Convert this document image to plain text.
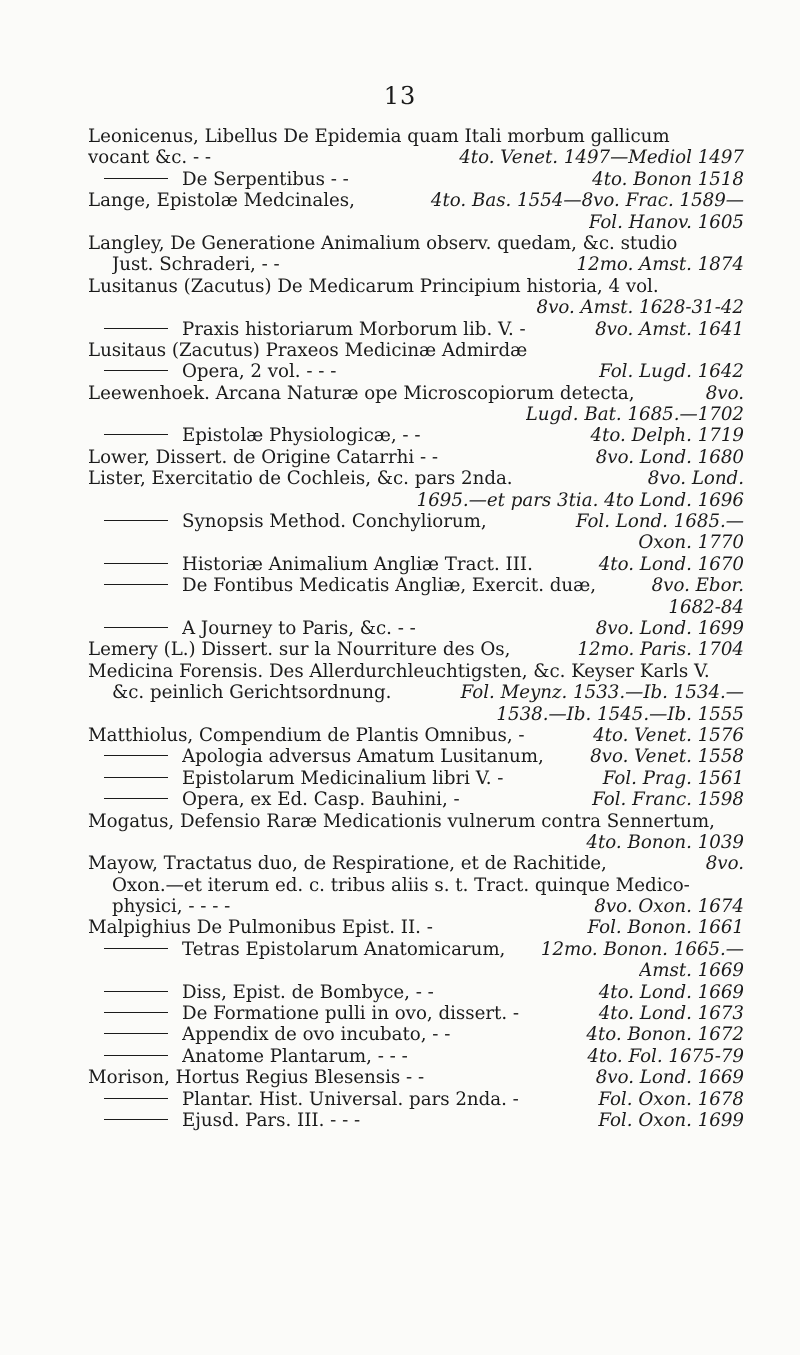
13
Leonicenus, Libellus De Epidemia quam Itali morbum gallicum
vocant &c. - -	4to. Venet. 1497—Mediol 1497
De Serpentibus - -	4to. Bonon 1518
Lange, Epistolæ Medcinales,	4to. Bas. 1554—8vo. Frac. 1589—
Fol. Hanov. 1605
Langley, De Generatione Animalium observ. quedam, &c. studio
Just. Schraderi, - -	12mo. Amst. 1874
Lusitanus (Zacutus) De Medicarum Principium historia, 4 vol.
8vo. Amst. 1628-31-42
Praxis historiarum Morborum lib. V. -	8vo. Amst. 1641
Lusitaus (Zacutus) Praxeos Medicinæ Admirdæ
Opera, 2 vol. - - -	Fol. Lugd. 1642
Leewenhoek. Arcana Naturæ ope Microscopiorum detecta,	8vo.
Lugd. Bat. 1685.—1702
Epistolæ Physiologicæ, - -	4to. Delph. 1719
Lower, Dissert. de Origine Catarrhi - -	8vo. Lond. 1680
Lister, Exercitatio de Cochleis, &c. pars 2nda.	8vo. Lond.
1695.—et pars 3tia. 4to Lond. 1696
Synopsis Method. Conchyliorum,	Fol. Lond. 1685.—
Oxon. 1770
Historiæ Animalium Angliæ Tract. III.	4to. Lond. 1670
De Fontibus Medicatis Angliæ, Exercit. duæ,	8vo. Ebor.
1682-84
A Journey to Paris, &c. - -	8vo. Lond. 1699
Lemery (L.) Dissert. sur la Nourriture des Os,	12mo. Paris. 1704
Medicina Forensis. Des Allerdurchleuchtigsten, &c. Keyser Karls V.
&c. peinlich Gerichtsordnung.	Fol. Meynz. 1533.—Ib. 1534.—
1538.—Ib. 1545.—Ib. 1555
Matthiolus, Compendium de Plantis Omnibus, -	4to. Venet. 1576
Apologia adversus Amatum Lusitanum,	8vo. Venet. 1558
Epistolarum Medicinalium libri V. -	Fol. Prag. 1561
Opera, ex Ed. Casp. Bauhini, -	Fol. Franc. 1598
Mogatus, Defensio Raræ Medicationis vulnerum contra Sennertum,
4to. Bonon. 1039
Mayow, Tractatus duo, de Respiratione, et de Rachitide,	8vo.
Oxon.—et iterum ed. c. tribus aliis s. t. Tract. quinque Medico-
physici, - - - -	8vo. Oxon. 1674
Malpighius De Pulmonibus Epist. II. -	Fol. Bonon. 1661
Tetras Epistolarum Anatomicarum,	12mo. Bonon. 1665.—
Amst. 1669
Diss, Epist. de Bombyce, - -	4to. Lond. 1669
De Formatione pulli in ovo, dissert. -	4to. Lond. 1673
Appendix de ovo incubato, - -	4to. Bonon. 1672
Anatome Plantarum, - - -	4to. Fol. 1675-79
Morison, Hortus Regius Blesensis - -	8vo. Lond. 1669
Plantar. Hist. Universal. pars 2nda. -	Fol. Oxon. 1678
Ejusd. Pars. III. - - -	Fol. Oxon. 1699
